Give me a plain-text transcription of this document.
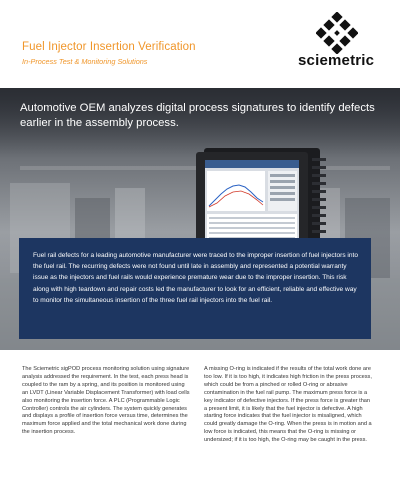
Fuel Injector Insertion Verification
In-Process Test & Monitoring Solutions	sciemetric
Automotive OEM analyzes digital process signatures to identify defects earlier in the assembly process.
Fuel rail defects for a leading automotive manufacturer were traced to the improper insertion of fuel injectors into the fuel rail. The recurring defects were not found until late in assembly and represented a potential warranty issue as the injectors and fuel rails would experience premature wear due to the improper insertion. This risk along with high teardown and repair costs led the manufacturer to look for an efficient, reliable and effective way to monitor the simultaneous insertion of the three fuel rail injectors into the fuel rail.
The Sciemetric sigPOD process monitoring solution using signature analysis addressed the requirement. In the test, each press head is coupled to the ram by a spring, and its position is monitored using an LVDT (Linear Variable Displacement Transformer) with load cells also monitoring the insertion force. A PLC (Programmable Logic Controller) controls the air cylinders. The system quickly generates and displays a profile of insertion force versus time, determines the maximum force applied and the total mechanical work done during the insertion process.
A missing O-ring is indicated if the results of the total work done are too low. If it is too high, it indicates high friction in the press process, which could be from a pinched or rolled O-ring or abrasive contamination in the fuel rail pump. The maximum press force is a key indicator of defective injectors. If the press force is greater than a present limit, it is likely that the fuel injector is defective. A high starting force indicates that the fuel injector is misaligned, which could greatly damage the O-ring. When the press is in motion and a low force is indicated, this means that the O-ring is missing or undersized; if it is too high, the O-ring may be caught in the press.
